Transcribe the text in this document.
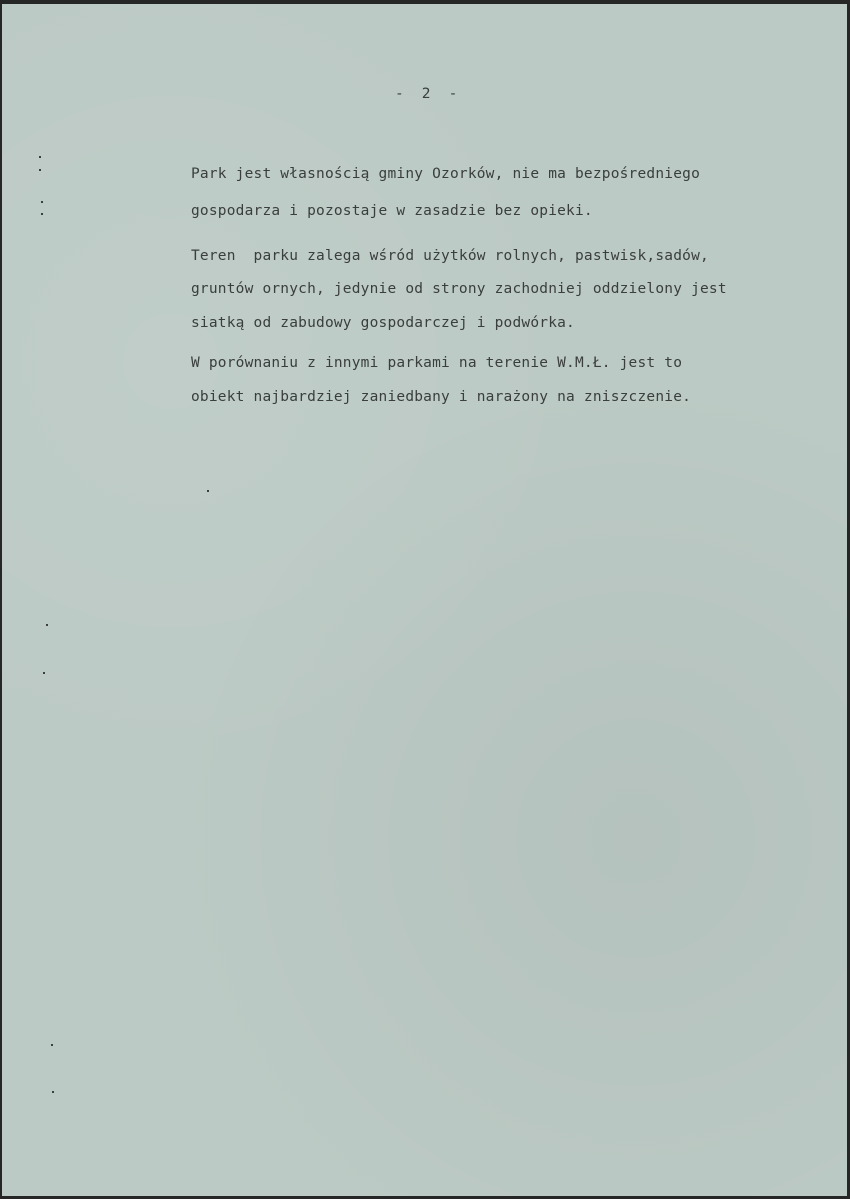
-  2  -
Park jest własnością gminy Ozorków, nie ma bezpośredniego
gospodarza i pozostaje w zasadzie bez opieki.
Teren  parku zalega wśród użytków rolnych, pastwisk,sadów,
gruntów ornych, jedynie od strony zachodniej oddzielony jest
siatką od zabudowy gospodarczej i podwórka.
W porównaniu z innymi parkami na terenie W.M.Ł. jest to
obiekt najbardziej zaniedbany i narażony na zniszczenie.
